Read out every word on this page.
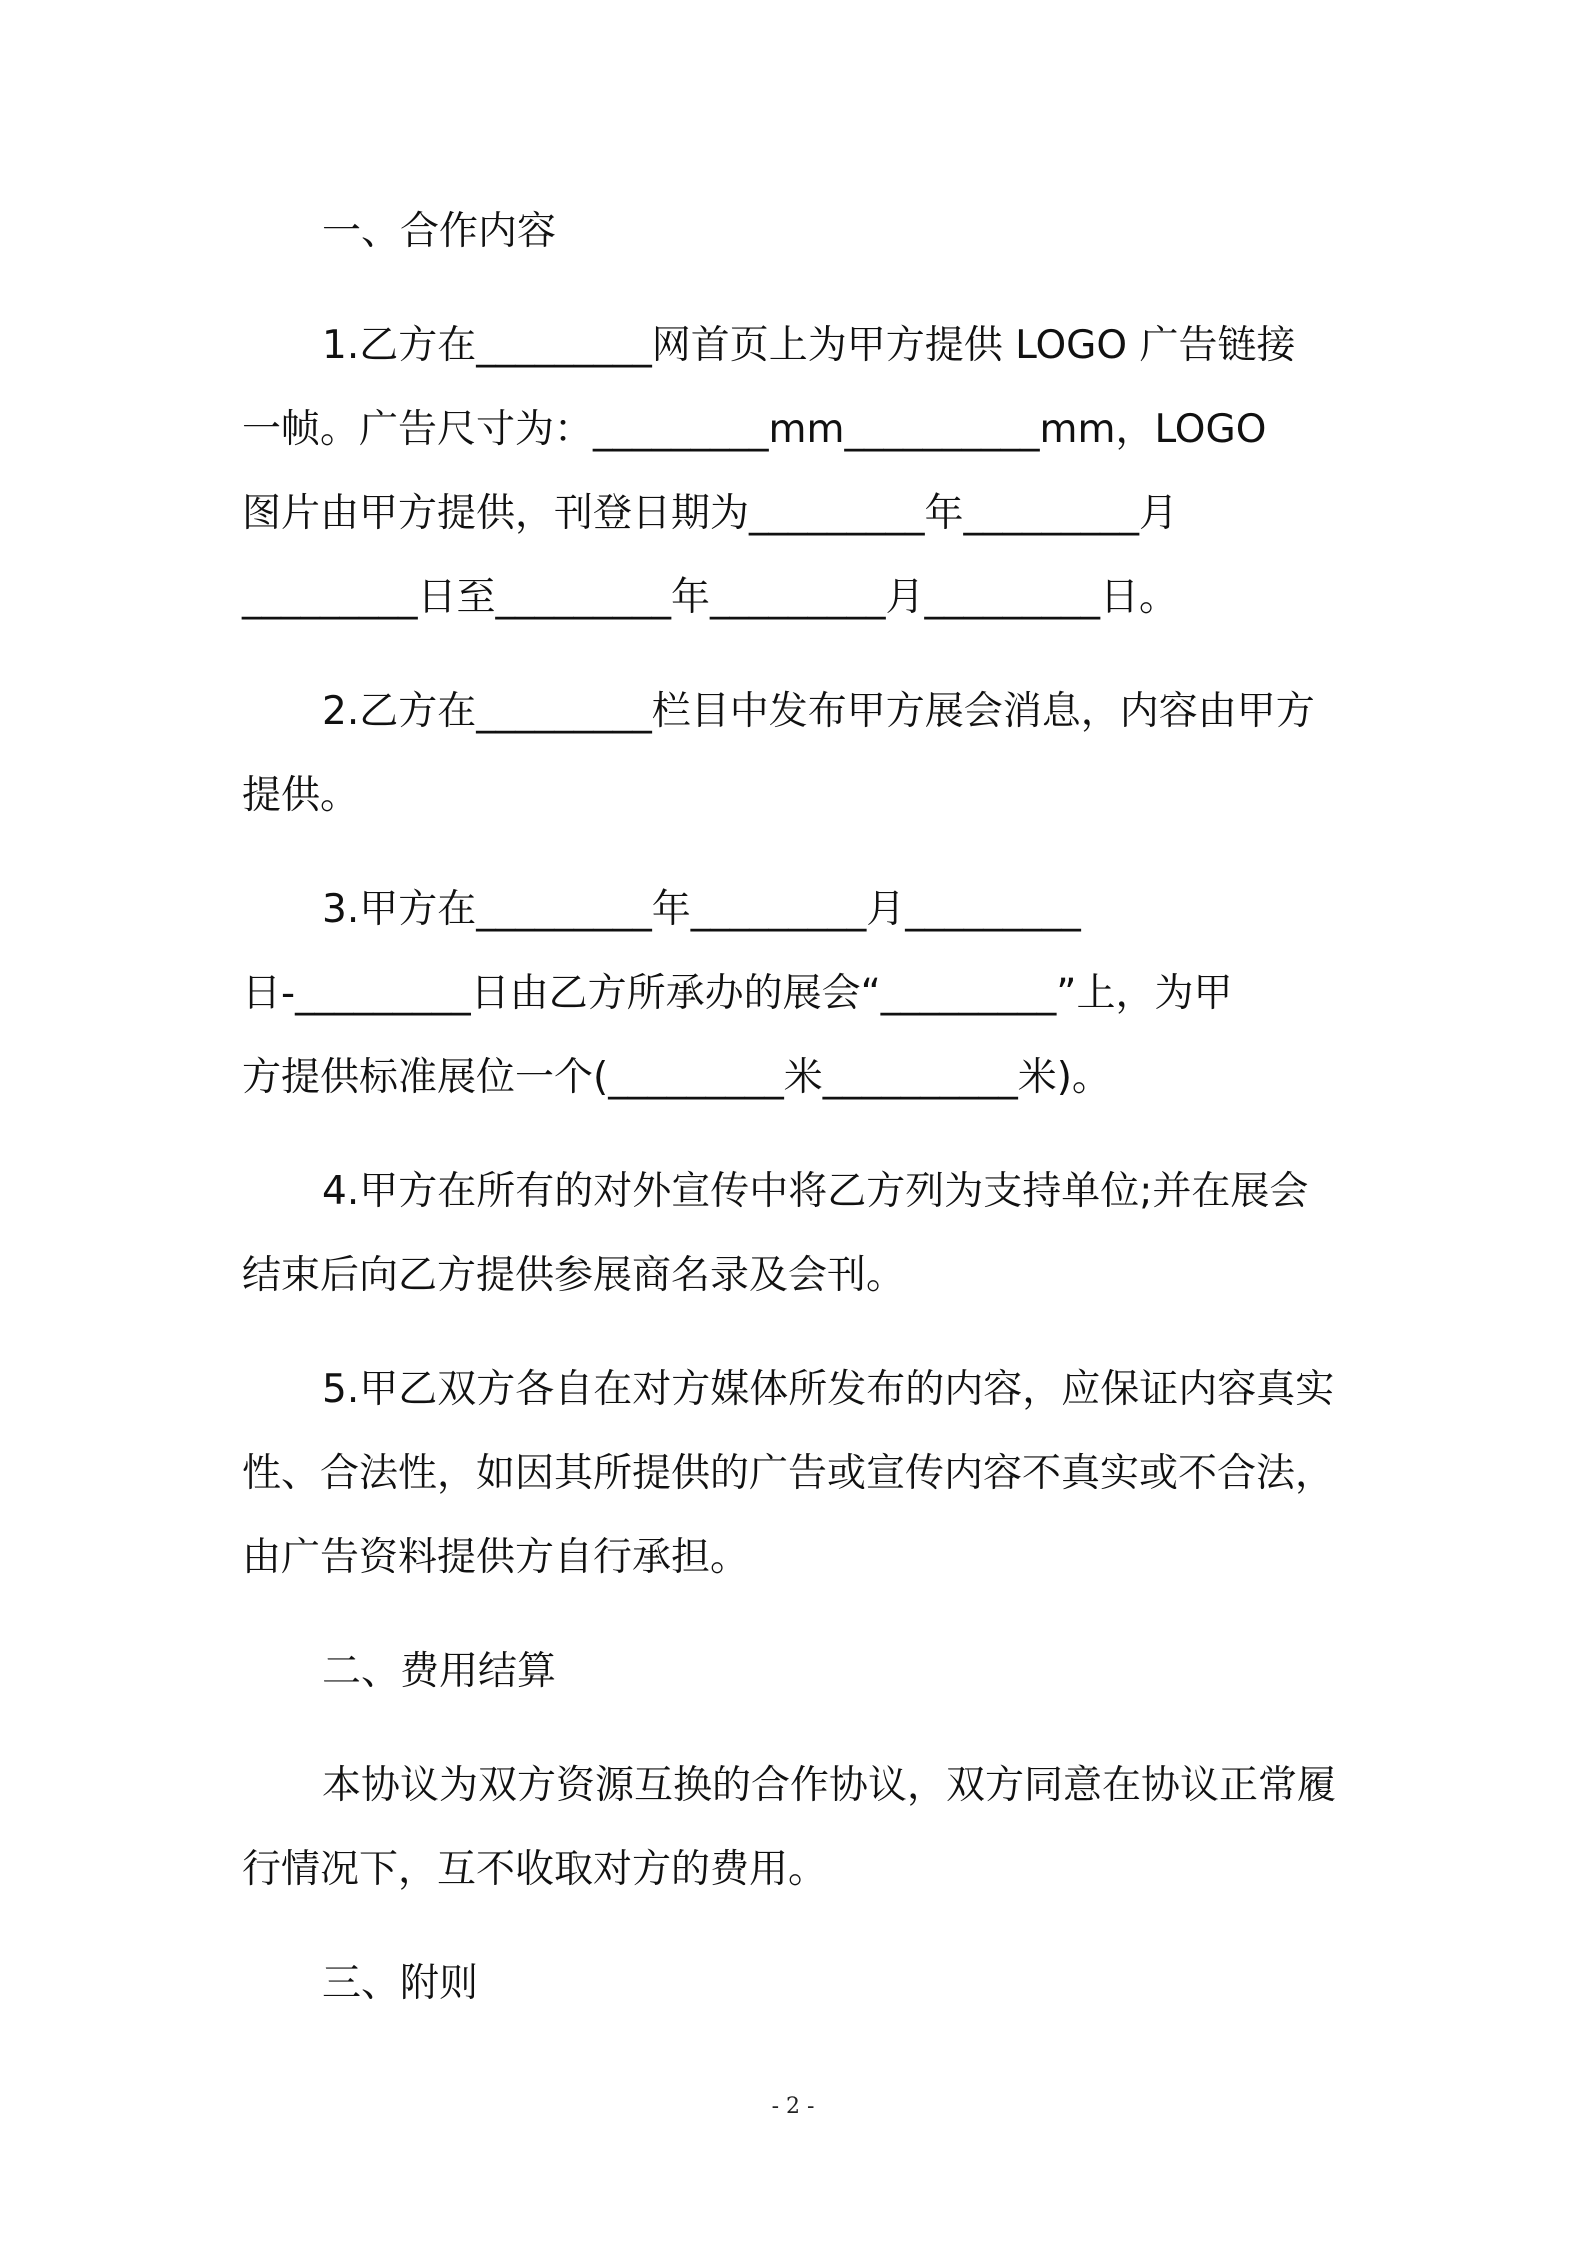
一、合作内容
1.乙方在_________网首页上为甲方提供 LOGO 广告链接
一帧。广告尺寸为：_________mm__________mm，LOGO
图片由甲方提供，刊登日期为_________年_________月
_________日至_________年_________月_________日。
2.乙方在_________栏目中发布甲方展会消息，内容由甲方
提供。
3.甲方在_________年_________月_________
日-_________日由乙方所承办的展会“_________”上，为甲
方提供标准展位一个(_________米__________米)。
4.甲方在所有的对外宣传中将乙方列为支持单位;并在展会
结束后向乙方提供参展商名录及会刊。
5.甲乙双方各自在对方媒体所发布的内容，应保证内容真实
性、合法性，如因其所提供的广告或宣传内容不真实或不合法，
由广告资料提供方自行承担。
二、费用结算
本协议为双方资源互换的合作协议，双方同意在协议正常履
行情况下，互不收取对方的费用。
三、附则
- 2 -
